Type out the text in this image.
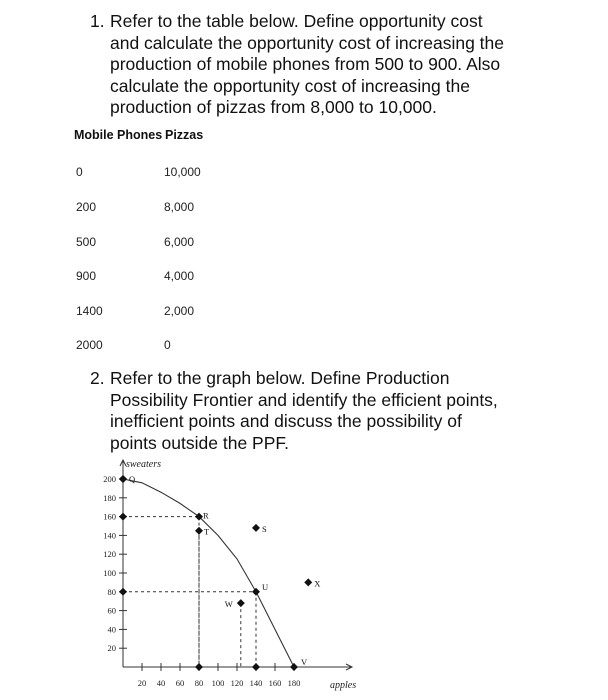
1. Refer to the table below. Define opportunity cost
and calculate the opportunity cost of increasing the
production of mobile phones from 500 to 900. Also
calculate the opportunity cost of increasing the
production of pizzas from 8,000 to 10,000.
Mobile Phones Pizzas
0	10,000
200	8,000
500	6,000
900	4,000
1400	2,000
2000	0
2. Refer to the graph below. Define Production
Possibility Frontier and identify the efficient points,
inefficient points and discuss the possibility of
points outside the PPF.
20
40
60
80
100
120
140
160
180
200
20 40 60 80 100 120 140 160 180
Q
R
T	S
U
W
X
V
sweaters
apples
